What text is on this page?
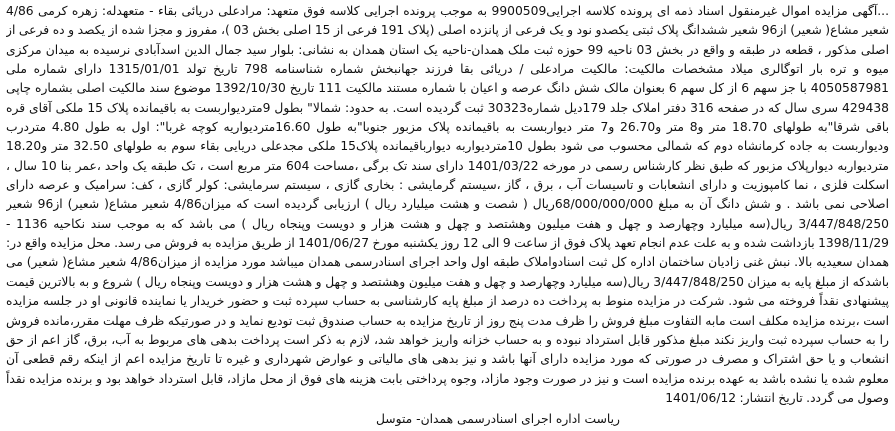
...آگهی مزایده اموال غیرمنقول اسناد ذمه ای پرونده کلاسه اجرایی9900509 به موجب پرونده اجرایی کلاسه فوق متعهد: مرادعلی دریائی بقاء - متعهدله: زهره کرمی 4/86 شعیر مشاع( شعیر) از96 شعیر ششدانگ پلاک ثبتی یکصدو نود و یک فرعی از پانزده اصلی (پلاک 191 فرعی از 15 اصلی بخش 03 )، مفروز و مجزا شده از یکصد و ده فرعی از اصلی مذکور ، قطعه در طبقه و واقع در بخش 03 ناحیه 99 حوزه ثبت ملک همدان-ناحیه یک استان همدان به نشانی: بلوار سید جمال الدین اسدآبادی نرسیده به میدان مرکزی میوه و تره بار اتوگالری میلاد مشخصات مالکیت: مالکیت مرادعلی / دریائی بقا فرزند جهانبخش شماره شناسنامه 798 تاریخ تولد 1315/01/01 دارای شماره ملی 4050587981 با جز سهم 6 از کل سهم 6 بعنوان مالک شش دانگ عرصه و اعیان با شماره مستند مالکیت 111 تاریخ 1392/10/30 موضوع سند مالکیت اصلی بشماره چاپی 429438 سری سال که در صفحه 316 دفتر املاک جلد 179دیل شماره30323 ثبت گردیده است. به حدود: شمالا" بطول 9متردیواربست به باقیمانده پلاک 15 ملکی آقای قره باقی شرقا"به طولهای 18.70 متر و8 متر و26.70 و7 متر دیواربست به باقیمانده پلاک مزبور جنوبا"به طول 16.60متردیواریه کوچه غربا": اول به طول 4.80 متردرب ودیواربست به جاده کرمانشاه دوم که شمالی محسوب می شود بطول 10متردیواربه دیوارباقیمانده پلاک15 ملکی مجدعلی دریایی بقاء سوم به طولهای 32.50 متر و18.20 متردیواربه دیوارپلاک مزبور که طبق نظر کارشناس رسمی در مورخه 1401/03/22 دارای سند تک برگی ،مساحت 604 متر مربع است ، تک طبقه یک واحد ،عمر بنا 10 سال ، اسکلت فلزی ، نما کامپوزیت و دارای انشعابات و تاسیسات آب ، برق ، گاز ،سیستم گرمایشی : بخاری گازی ، سیستم سرمایشی: کولر گازی ، کف: سرامیک و عرصه دارای اصلاحی نمی باشد . و شش دانگ آن به مبلغ 68/000/000/000ریال ( شصت و هشت میلیارد ریال ) ارزیابی گردیده است که میزان4/86 شعیر مشاع( شعیر) از96 شعیر 3/447/848/250 ریال(سه میلیارد وچهارصد و چهل و هفت میلیون وهشتصد و چهل و هشت هزار و دویست وپنجاه ریال ) می باشد که به موجب سند نکاحیه 1136 - 1398/11/29 بازداشت شده و به علت عدم انجام تعهد پلاک فوق از ساعت 9 الی 12 روز یکشنبه مورخ 1401/06/27 از طریق مزایده به فروش می رسد. محل مزایده واقع در: همدان سعیدیه بالا. نبش غنی زادیان ساختمان اداره کل ثبت اسنادواملاک طبقه اول واحد اجرای اسنادرسمی همدان میباشد مورد مزایده از میزان4/86 شعیر مشاع( شعیر) می باشدکه از مبلغ پایه به میزان 3/447/848/250 ریال(سه میلیارد وچهارصد و چهل و هفت میلیون وهشتصد و چهل و هشت هزار و دویست وپنجاه ریال ) شروع و به بالاترین قیمت پیشنهادی نقداً فروخته می شود. شرکت در مزایده منوط به پرداخت ده درصد از مبلغ پایه کارشناسی به حساب سپرده ثبت و حضور خریدار یا نماینده قانونی او در جلسه مزایده است ،برنده مزایده مکلف است مابه التفاوت مبلغ فروش را ظرف مدت پنج روز از تاریخ مزایده به حساب صندوق ثبت تودیع نماید و در صورتیکه ظرف مهلت مقرر،مانده فروش را به حساب سپرده ثبت واریز نکند مبلغ مذکور قابل استرداد نبوده و به حساب خزانه واریز خواهد شد، لازم به ذکر است پرداخت بدهی های مربوط به آب، برق، گاز اعم از حق انشعاب و یا حق اشتراک و مصرف در صورتی که مورد مزایده دارای آنها باشد و نیز بدهی های مالیاتی و عوارض شهرداری و غیره تا تاریخ مزایده اعم از اینکه رقم قطعی آن معلوم شده یا نشده باشد به عهده برنده مزایده است و نیز در صورت وجود مازاد، وجوه پرداختی بابت هزینه های فوق از محل مازاد، قابل استرداد خواهد بود و برنده مزایده نقداً وصول می گردد. تاریخ انتشار: 1401/06/12

ریاست اداره اجرای اسنادرسمی همدان- متوسل
